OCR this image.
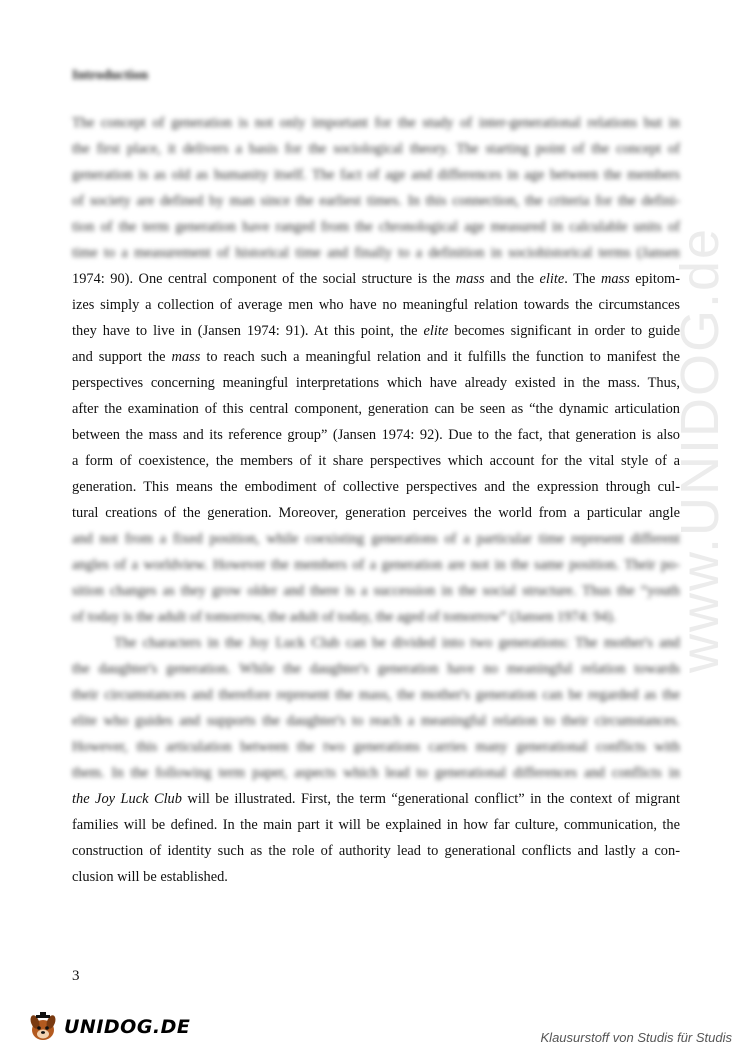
www.UNIDOG.de
Introduction
The concept of generation is not only important for the study of inter-generational relations but in
the first place, it delivers a basis for the sociological theory. The starting point of the concept of
generation is as old as humanity itself. The fact of age and differences in age between the members
of society are defined by man since the earliest times. In this connection, the criteria for the defini-
tion of the term generation have ranged from the chronological age measured in calculable units of
time to a measurement of historical time and finally to a definition in sociohistorical terms (Jansen
1974: 90). One central component of the social structure is the mass and the elite. The mass epitom-
izes simply a collection of average men who have no meaningful relation towards the circumstances
they have to live in (Jansen 1974: 91). At this point, the elite becomes significant in order to guide
and support the mass to reach such a meaningful relation and it fulfills the function to manifest the
perspectives concerning meaningful interpretations which have already existed in the mass. Thus,
after the examination of this central component, generation can be seen as “the dynamic articulation
between the mass and its reference group” (Jansen 1974: 92). Due to the fact, that generation is also
a form of coexistence, the members of it share perspectives which account for the vital style of a
generation. This means the embodiment of collective perspectives and the expression through cul-
tural creations of the generation. Moreover, generation perceives the world from a particular angle
and not from a fixed position, while coexisting generations of a particular time represent different
angles of a worldview. However the members of a generation are not in the same position. Their po-
sition changes as they grow older and there is a succession in the social structure. Thus the “youth
of today is the adult of tomorrow, the adult of today, the aged of tomorrow” (Jansen 1974: 94).
The characters in the Joy Luck Club can be divided into two generations: The mother's and
the daughter's generation. While the daughter's generation have no meaningful relation towards
their circumstances and therefore represent the mass, the mother's generation can be regarded as the
elite who guides and supports the daughter's to reach a meaningful relation to their circumstances.
However, this articulation between the two generations carries many generational conflicts with
them. In the following term paper, aspects which lead to generational differences and conflicts in
the Joy Luck Club will be illustrated. First, the term “generational conflict” in the context of migrant
families will be defined. In the main part it will be explained in how far culture, communication, the
construction of identity such as the role of authority lead to generational conflicts and lastly a con-
clusion will be established.
3
UNIDOG.DE	Klausurstoff von Studis für Studis
